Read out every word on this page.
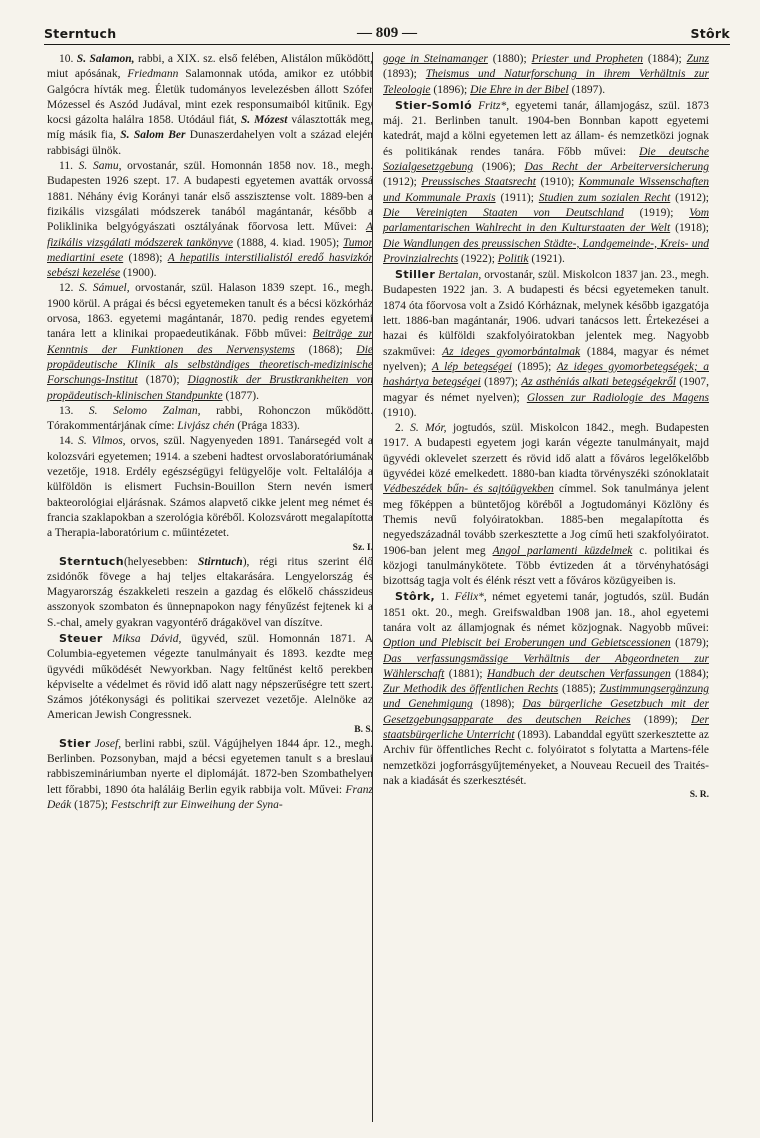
Sterntuch	— 809 —	Stôrk

10. S. Salamon, rabbi, a XIX. sz. első felében, Alistálon működött, miut apósának, Friedmann Salamonnak utóda, amikor ez utóbbit Galgócra hívták meg. Életük tudományos levelezésben állott Szófer Mózessel és Aszód Judával, mint ezek responsumaiból kitűnik. Egy kocsi gázolta halálra 1858. Utódául fiát, S. Mózest választották meg, míg másik fia, S. Salom Ber Dunaszerdahelyen volt a század elején rabbisági ülnök.

11. S. Samu, orvostanár, szül. Homonnán 1858 nov. 18., megh. Budapesten 1926 szept. 17. A budapesti egyetemen avatták orvossá 1881. Néhány évig Korányi tanár első asszisztense volt. 1889-ben a fizikális vizsgálati módszerek tanából magántanár, később a Poliklinika belgyógyászati osztályának főorvosa lett. Művei: A fizikális vizsgálati módszerek tankönyve (1888, 4. kiad. 1905); Tumor mediartini esete (1898); A hepatilis interstilialistól eredő hasvizkór sebészi kezelése (1900).

12. S. Sámuel, orvostanár, szül. Halason 1839 szept. 16., megh. 1900 körül. A prágai és bécsi egyetemeken tanult és a bécsi közkórház orvosa, 1863. egyetemi magántanár, 1870. pedig rendes egyetemi tanára lett a klinikai propaedeutikának. Főbb művei: Beiträge zur Kenntnis der Funktionen des Nervensystems (1868); Die propädeutische Klinik als selbständiges theoretisch-medizinische Forschungs-Institut (1870); Diagnostik der Brustkrankheiten von propädeutisch-klinischen Standpunkte (1877).

13. S. Selomo Zalman, rabbi, Rohonczon működött. Tórakommentárjának címe: Livjász chén (Prága 1833).

14. S. Vilmos, orvos, szül. Nagyenyeden 1891. Tanársegéd volt a kolozsvári egyetemen; 1914. a szebeni hadtest orvoslaboratóriumának vezetője, 1918. Erdély egészségügyi felügyelője volt. Feltalálója a külföldön is elismert Fuchsin-Bouillon Stern nevén ismert bakteorológiai eljárásnak. Számos alapvető cikke jelent meg német és francia szaklapokban a szerológia köréből. Kolozsvárott megalapította a Therapia-laboratórium c. műintézetet.
Sz. I.

Sterntuch(helyesebben: Stirntuch), régi ritus szerint élő zsidónők fövege a haj teljes eltakarására. Lengyelország és Magyarország északkeleti reszein a gazdag és előkelő chásszideus asszonyok szombaton és ünnepnapokon nagy fényűzést fejtenek ki a S.-chal, amely gyakran vagyontérő drágakövel van díszítve.

Steuer Miksa Dávid, ügyvéd, szül. Homonnán 1871. A Columbia-egyetemen végezte tanulmányait és 1893. kezdte meg ügyvédi működését Newyorkban. Nagy feltűnést keltő perekben képviselte a védelmet és rövid idő alatt nagy népszerűségre tett szert. Számos jótékonysági és politikai szervezet vezetője. Alelnöke az American Jewish Congressnek.
B. S.

Stier Josef, berlini rabbi, szül. Vágújhelyen 1844 ápr. 12., megh. Berlinben. Pozsonyban, majd a bécsi egyetemen tanult s a breslaui rabbiszemináriumban nyerte el diplomáját. 1872-ben Szombathelyen lett főrabbi, 1890 óta haláláig Berlin egyik rabbija volt. Művei: Franz Deák (1875); Festschrift zur Einweihung der Syna-

goge in Steinamanger (1880); Priester und Propheten (1884); Zunz (1893); Theismus und Naturforschung in ihrem Verhältnis zur Teleologie (1896); Die Ehre in der Bibel (1897).

Stier-Somló Fritz*, egyetemi tanár, államjogász, szül. 1873 máj. 21. Berlinben tanult. 1904-ben Bonnban kapott egyetemi katedrát, majd a kölni egyetemen lett az állam- és nemzetközi jognak és politikának rendes tanára. Főbb művei: Die deutsche Sozialgesetzgebung (1906); Das Recht der Arbeiterversicherung (1912); Preussisches Staatsrecht (1910); Kommunale Wissenschaften und Kommunale Praxis (1911); Studien zum sozialen Recht (1912); Die Vereinigten Staaten von Deutschland (1919); Vom parlamentarischen Wahlrecht in den Kulturstaaten der Welt (1918); Die Wandlungen des preussischen Städte-, Landgemeinde-, Kreis- und Provinzialrechts (1922); Politik (1921).

Stiller Bertalan, orvostanár, szül. Miskolcon 1837 jan. 23., megh. Budapesten 1922 jan. 3. A budapesti és bécsi egyetemeken tanult. 1874 óta főorvosa volt a Zsidó Kórháznak, melynek később igazgatója lett. 1886-ban magántanár, 1906. udvari tanácsos lett. Értekezései a hazai és külföldi szakfolyóiratokban jelentek meg. Nagyobb szakművei: Az ideges gyomorbántalmak (1884, magyar és német nyelven); A lép betegségei (1895); Az ideges gyomorbetegségek; a hashártya betegségei (1897); Az asthéniás alkati betegségekről (1907, magyar és német nyelven); Glossen zur Radiologie des Magens (1910).

2. S. Mór, jogtudós, szül. Miskolcon 1842., megh. Budapesten 1917. A budapesti egyetem jogi karán végezte tanulmányait, majd ügyvédi oklevelet szerzett és rövid idő alatt a főváros legelőkelőbb ügyvédei közé emelkedett. 1880-ban kiadta törvényszéki szónoklatait Védbeszédek bűn- és sajtóügyekben címmel. Sok tanulmánya jelent meg főképpen a büntetőjog köréből a Jogtudományi Közlöny és Themis nevű folyóiratokban. 1885-ben megalapította és negyedszázadnál tovább szerkesztette a Jog című heti szakfolyóiratot. 1906-ban jelent meg Angol parlamenti küzdelmek c. politikai és közjogi tanulmánykötete. Több évtizeden át a törvényhatósági bizottság tagja volt és élénk részt vett a főváros közügyeiben is.

Stôrk, 1. Félix*, német egyetemi tanár, jogtudós, szül. Budán 1851 okt. 20., megh. Greifswaldban 1908 jan. 18., ahol egyetemi tanára volt az államjognak és német közjognak. Nagyobb művei: Option und Plebiscit bei Eroberungen und Gebietscessionen (1879); Das verfassungsmässige Verhältnis der Abgeordneten zur Wählerschaft (1881); Handbuch der deutschen Verfassungen (1884); Zur Methodik des öffentlichen Rechts (1885); Zustimmungsergänzung und Genehmigung (1898); Das bürgerliche Gesetzbuch mit der Gesetzgebungsapparate des deutschen Reiches (1899); Der staatsbürgerliche Unterricht (1893). Labanddal együtt szerkesztette az Archiv für öffentliches Recht c. folyóiratot s folytatta a Martens-féle nemzetközi jogforrásgyűjteményeket, a Nouveau Recueil des Traités-nak a kiadását és szerkesztését.
S. R.
